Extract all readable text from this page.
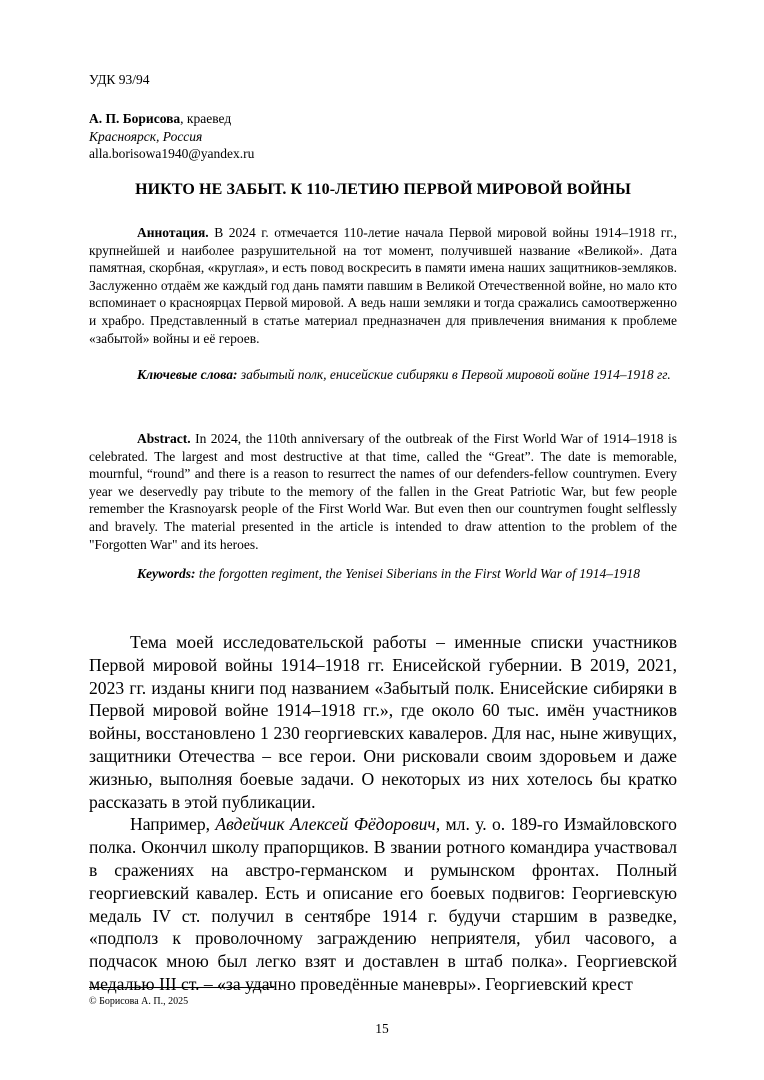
УДК 93/94
А. П. Борисова, краевед
Красноярск, Россия
alla.borisowa1940@yandex.ru
НИКТО НЕ ЗАБЫТ. К 110-ЛЕТИЮ ПЕРВОЙ МИРОВОЙ ВОЙНЫ

Аннотация. В 2024 г. отмечается 110-летие начала Первой мировой войны 1914–1918 гг., крупнейшей и наиболее разрушительной на тот момент, получившей название «Великой». Дата памятная, скорбная, «круглая», и есть повод воскресить в памяти имена наших защитников-земляков. Заслуженно отдаём же каждый год дань памяти павшим в Великой Отечественной войне, но мало кто вспоминает о красноярцах Первой мировой. А ведь наши земляки и тогда сражались самоотверженно и храбро. Представленный в статье материал предназначен для привлечения внимания к проблеме «забытой» войны и её героев.

Ключевые слова: забытый полк, енисейские сибиряки в Первой мировой войне 1914–1918 гг.

Abstract. In 2024, the 110th anniversary of the outbreak of the First World War of 1914–1918 is celebrated. The largest and most destructive at that time, called the “Great”. The date is memorable, mournful, “round” and there is a reason to resurrect the names of our defenders-fellow countrymen. Every year we deservedly pay tribute to the memory of the fallen in the Great Patriotic War, but few people remember the Krasnoyarsk people of the First World War. But even then our countrymen fought selflessly and bravely. The material presented in the article is intended to draw attention to the problem of the "Forgotten War" and its heroes.

Keywords: the forgotten regiment, the Yenisei Siberians in the First World War of 1914–1918

Тема моей исследовательской работы – именные списки участников Первой мировой войны 1914–1918 гг. Енисейской губернии. В 2019, 2021, 2023 гг. изданы книги под названием «Забытый полк. Енисейские сибиряки в Первой мировой войне 1914–1918 гг.», где около 60 тыс. имён участников войны, восстановлено 1 230 георгиевских кавалеров. Для нас, ныне живущих, защитники Отечества – все герои. Они рисковали своим здоровьем и даже жизнью, выполняя боевые задачи. О некоторых из них хотелось бы кратко рассказать в этой публикации.

Например, Авдейчик Алексей Фёдорович, мл. у. о. 189-го Измайловского полка. Окончил школу прапорщиков. В звании ротного командира участвовал в сражениях на австро-германском и румынском фронтах. Полный георгиевский кавалер. Есть и описание его боевых подвигов: Георгиевскую медаль IV ст. получил в сентябре 1914 г. будучи старшим в разведке, «подполз к проволочному заграждению неприятеля, убил часового, а подчасок мною был легко взят и доставлен в штаб полка». Георгиевской медалью III ст. – «за удачно проведённые маневры». Георгиевский крест

© Борисова А. П., 2025
15
